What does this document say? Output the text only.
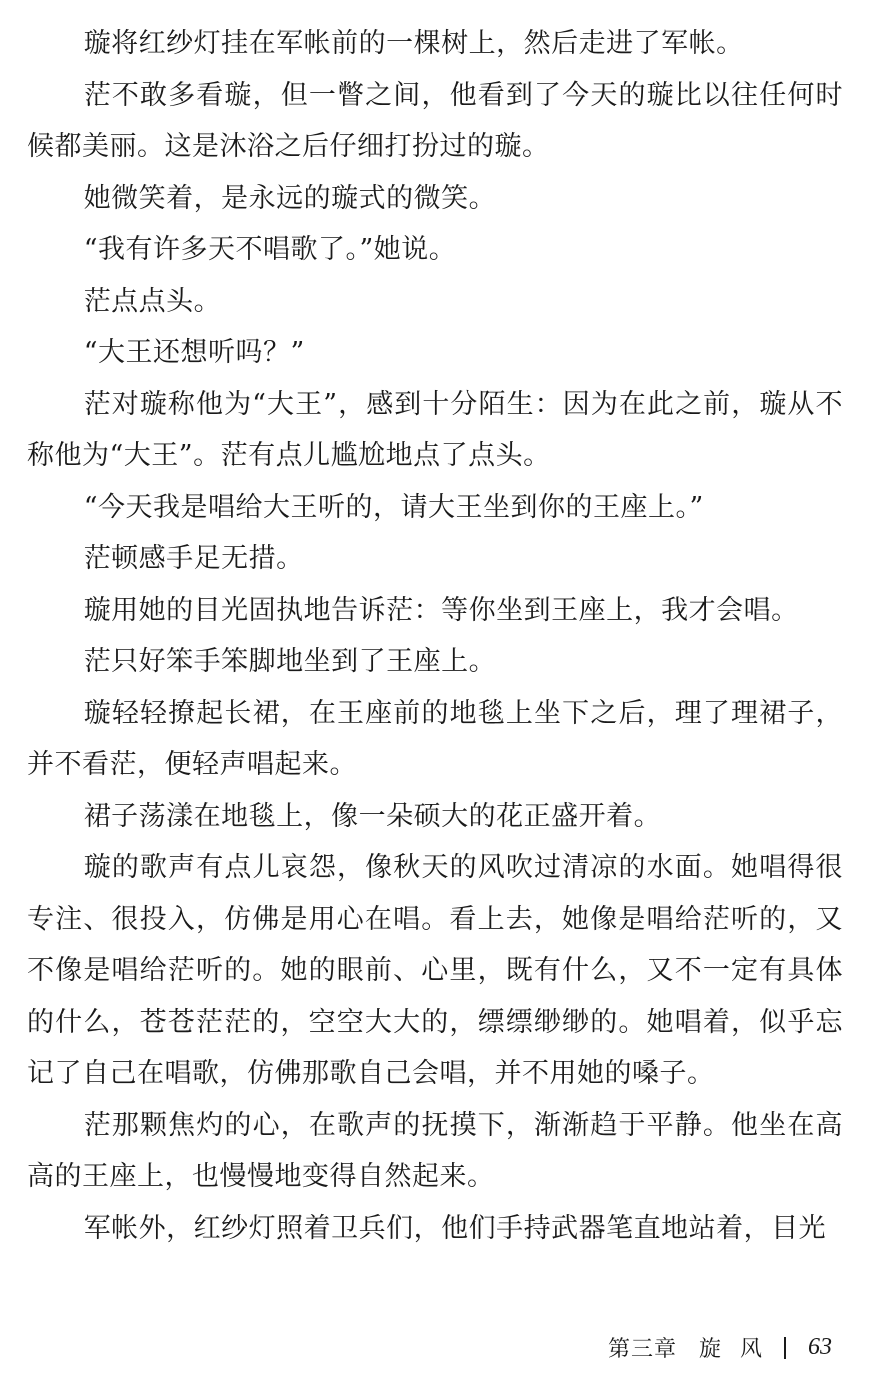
璇将红纱灯挂在军帐前的一棵树上，然后走进了军帐。

茫不敢多看璇，但一瞥之间，他看到了今天的璇比以往任何时候都美丽。这是沐浴之后仔细打扮过的璇。

她微笑着，是永远的璇式的微笑。

“我有许多天不唱歌了。”她说。

茫点点头。

“大王还想听吗？”

茫对璇称他为“大王”，感到十分陌生：因为在此之前，璇从不称他为“大王”。茫有点儿尴尬地点了点头。

“今天我是唱给大王听的，请大王坐到你的王座上。”

茫顿感手足无措。

璇用她的目光固执地告诉茫：等你坐到王座上，我才会唱。

茫只好笨手笨脚地坐到了王座上。

璇轻轻撩起长裙，在王座前的地毯上坐下之后，理了理裙子，并不看茫，便轻声唱起来。

裙子荡漾在地毯上，像一朵硕大的花正盛开着。

璇的歌声有点儿哀怨，像秋天的风吹过清凉的水面。她唱得很专注、很投入，仿佛是用心在唱。看上去，她像是唱给茫听的，又不像是唱给茫听的。她的眼前、心里，既有什么，又不一定有具体的什么，苍苍茫茫的，空空大大的，缥缥缈缈的。她唱着，似乎忘记了自己在唱歌，仿佛那歌自己会唱，并不用她的嗓子。

茫那颗焦灼的心，在歌声的抚摸下，渐渐趋于平静。他坐在高高的王座上，也慢慢地变得自然起来。

军帐外，红纱灯照着卫兵们，他们手持武器笔直地站着，目光

第三章 旋 风 63
